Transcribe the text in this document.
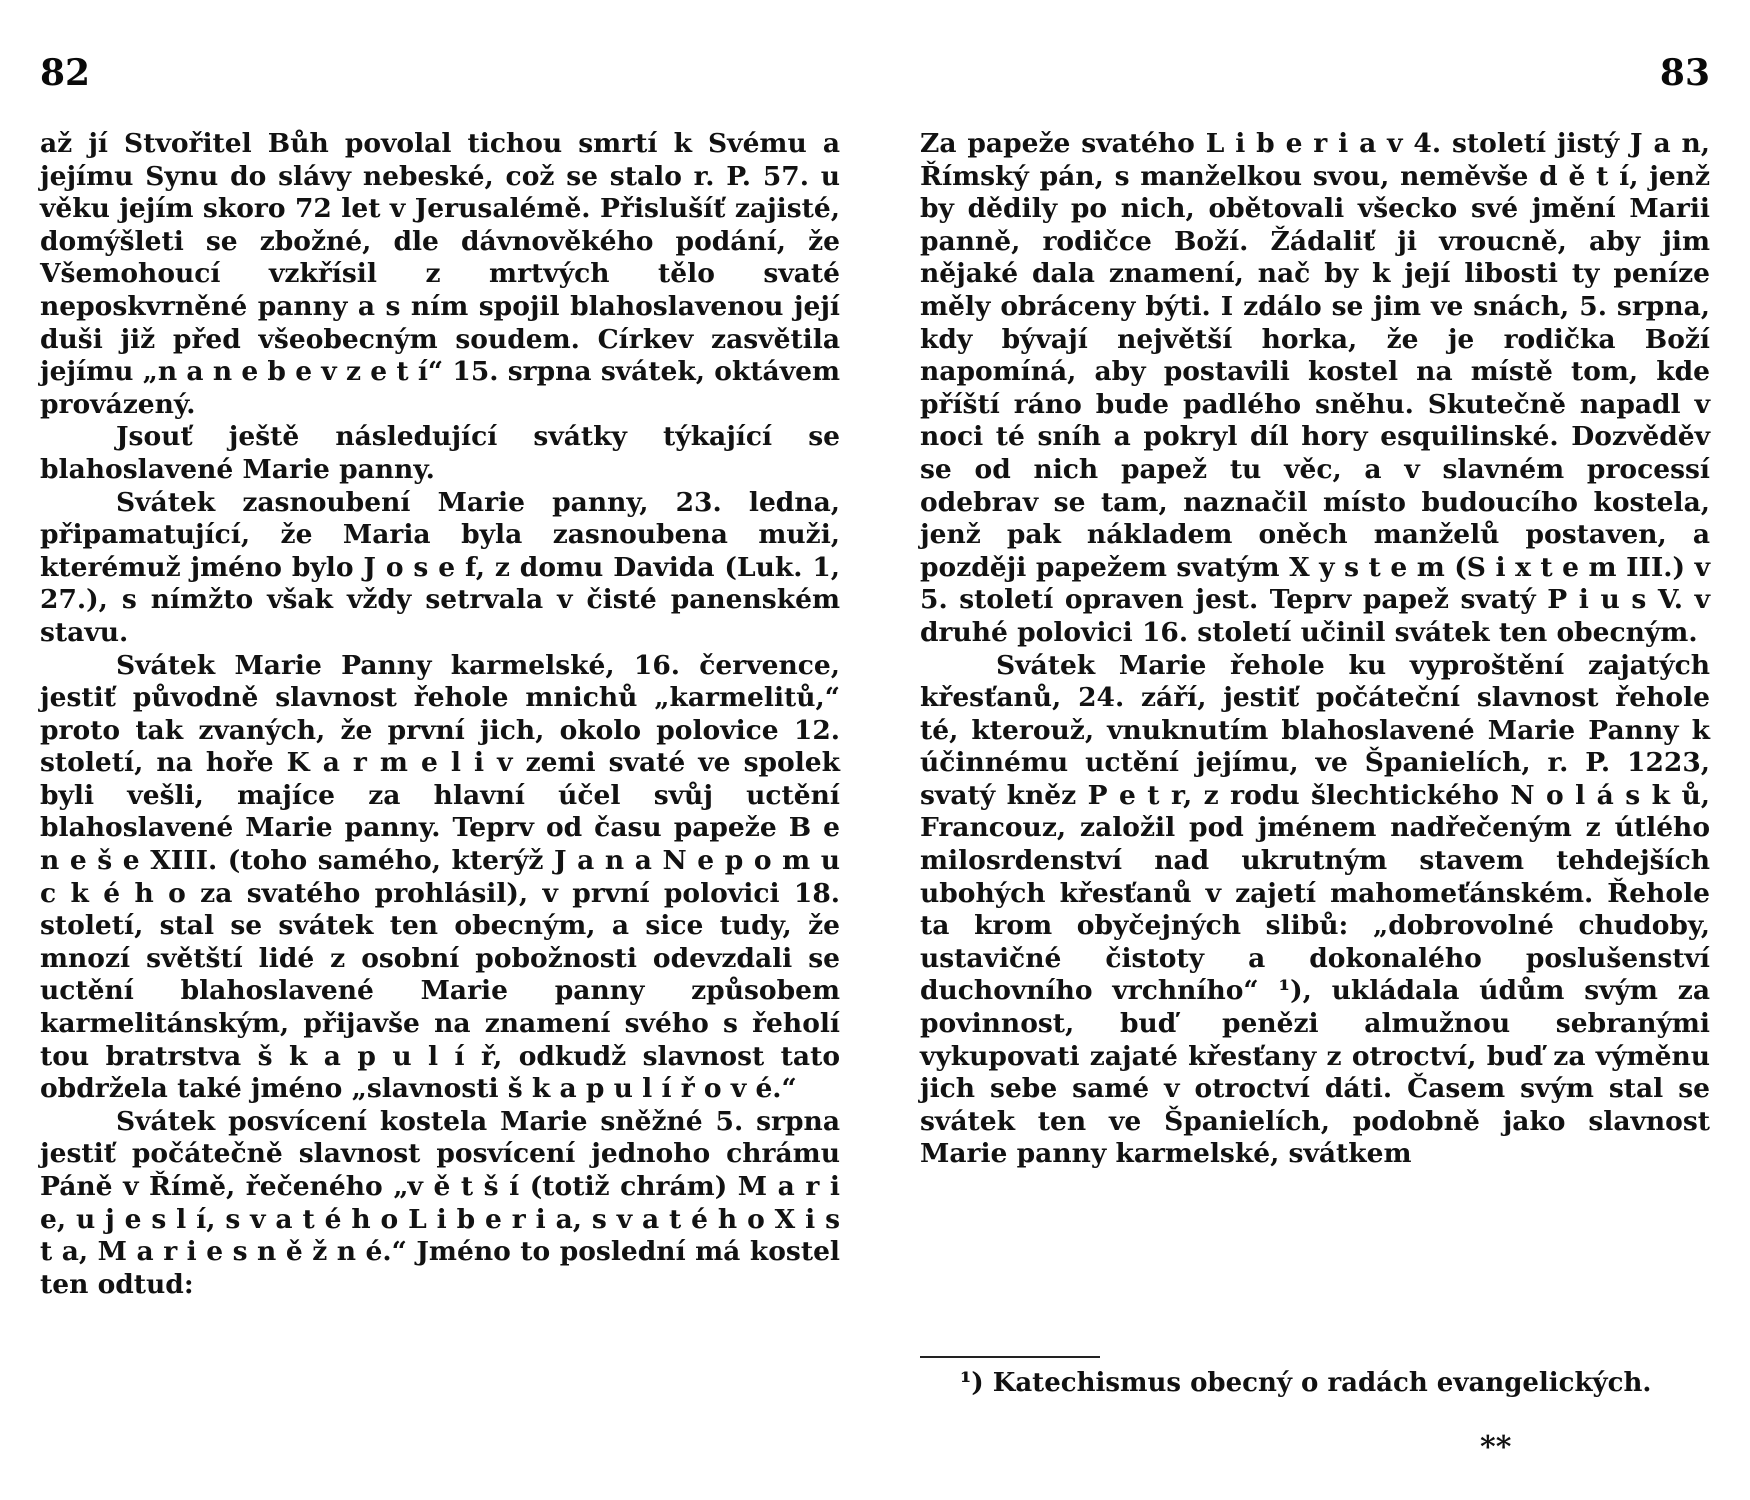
82

až jí Stvořitel Bůh povolal tichou smrtí k Svému a jejímu Synu do slávy nebeské, což se stalo r. P. 57. u věku jejím skoro 72 let v Jerusalémě. Přislušíť zajisté, domýšleti se zbožné, dle dávnověkého podání, že Všemohoucí vzkřísil z mrtvých tělo svaté neposkvrněné panny a s ním spojil blahoslavenou její duši již před všeobecným soudem. Církev zasvětila jejímu „n a n e b e v z e t í“ 15. srpna svátek, oktávem provázený.

Jsouť ještě následující svátky týkající se blahoslavené Marie panny.

Svátek zasnoubení Marie panny, 23. ledna, připamatující, že Maria byla zasnoubena muži, kterémuž jméno bylo J o s e f, z domu Davida (Luk. 1, 27.), s nímžto však vždy setrvala v čisté panenském stavu.

Svátek Marie Panny karmelské, 16. července, jestiť původně slavnost řehole mnichů „karmelitů,“ proto tak zvaných, že první jich, okolo polovice 12. století, na hoře K a r m e l i v zemi svaté ve spolek byli vešli, majíce za hlavní účel svůj uctění blahoslavené Marie panny. Teprv od času papeže B e n e š e XIII. (toho samého, kterýž J a n a N e p o m u c k é h o za svatého prohlásil), v první polovici 18. století, stal se svátek ten obecným, a sice tudy, že mnozí světští lidé z osobní pobožnosti odevzdali se uctění blahoslavené Marie panny způsobem karmelitánským, přijavše na znamení svého s řeholí tou bratrstva š k a p u l í ř, odkudž slavnost tato obdržela také jméno „slavnosti š k a p u l í ř o v é.“

Svátek posvícení kostela Marie sněžné 5. srpna jestiť počátečně slavnost posvícení jednoho chrámu Páně v Římě, řečeného „v ě t š í (totiž chrám) M a r i e, u j e s l í, s v a t é h o L i b e r i a, s v a t é h o X i s t a, M a r i e s n ě ž n é.“ Jméno to poslední má kostel ten odtud:

83

Za papeže svatého L i b e r i a v 4. století jistý J a n, Římský pán, s manželkou svou, neměvše d ě t í, jenž by dědily po nich, obětovali všecko své jmění Marii panně, rodičce Boží. Žádaliť ji vroucně, aby jim nějaké dala znamení, nač by k její libosti ty peníze měly obráceny býti. I zdálo se jim ve snách, 5. srpna, kdy bývají největší horka, že je rodička Boží napomíná, aby postavili kostel na místě tom, kde příští ráno bude padlého sněhu. Skutečně napadl v noci té sníh a pokryl díl hory esquilinské. Dozvěděv se od nich papež tu věc, a v slavném processí odebrav se tam, naznačil místo budoucího kostela, jenž pak nákladem oněch manželů postaven, a později papežem svatým X y s t e m (S i x t e m III.) v 5. století opraven jest. Teprv papež svatý P i u s V. v druhé polovici 16. století učinil svátek ten obecným.

Svátek Marie řehole ku vyproštění zajatých křesťanů, 24. září, jestiť počáteční slavnost řehole té, kterouž, vnuknutím blahoslavené Marie Panny k účinnému uctění jejímu, ve Španielích, r. P. 1223, svatý kněz P e t r, z rodu šlechtického N o l á s k ů, Francouz, založil pod jménem nadřečeným z útlého milosrdenství nad ukrutným stavem tehdejších ubohých křesťanů v zajetí mahomeťánském. Řehole ta krom obyčejných slibů: „dobrovolné chudoby, ustavičné čistoty a dokonalého poslušenství duchovního vrchního“ ¹), ukládala údům svým za povinnost, buď penězi almužnou sebranými vykupovati zajaté křesťany z otroctví, buď za výměnu jich sebe samé v otroctví dáti. Časem svým stal se svátek ten ve Španielích, podobně jako slavnost Marie panny karmelské, svátkem

¹) Katechismus obecný o radách evangelických.
**
